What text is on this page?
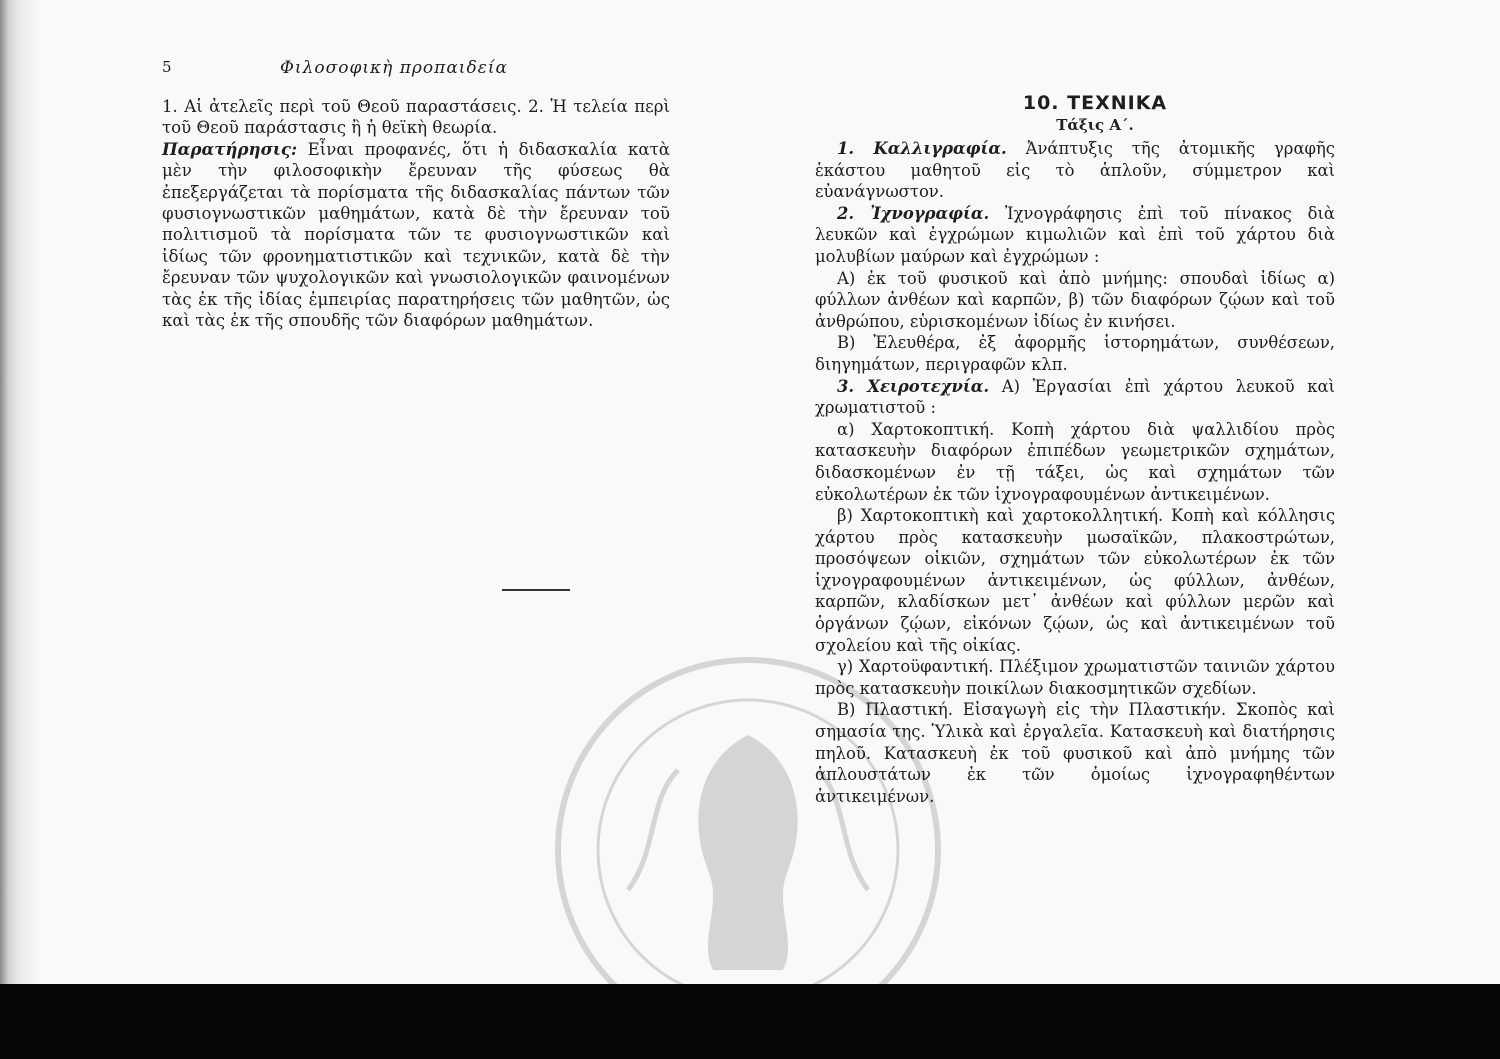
5	Φιλοσοφικὴ προπαιδεία

1. Αἱ ἀτελεῖς περὶ τοῦ Θεοῦ παραστάσεις. 2. Ἡ τελεία περὶ τοῦ Θεοῦ παράστασις ἢ ἡ θεϊκὴ θεωρία.

Παρατήρησις: Εἶναι προφανές, ὅτι ἡ διδασκαλία κατὰ μὲν τὴν φιλοσοφικὴν ἔρευναν τῆς φύσεως θὰ ἐπεξεργάζεται τὰ πορίσματα τῆς διδασκαλίας πάντων τῶν φυσιογνωστικῶν μαθημάτων, κατὰ δὲ τὴν ἔρευναν τοῦ πολιτισμοῦ τὰ πορίσματα τῶν τε φυσιογνωστικῶν καὶ ἰδίως τῶν φρονηματιστικῶν καὶ τεχνικῶν, κατὰ δὲ τὴν ἔρευναν τῶν ψυχολογικῶν καὶ γνωσιολογικῶν φαινομένων τὰς ἐκ τῆς ἰδίας ἐμπειρίας παρατηρήσεις τῶν μαθητῶν, ὡς καὶ τὰς ἐκ τῆς σπουδῆς τῶν διαφόρων μαθημάτων.

10. ΤΕΧΝΙΚΑ
Τάξις Α΄.

1. Καλλιγραφία. Ἀνάπτυξις τῆς ἀτομικῆς γραφῆς ἑκάστου μαθητοῦ εἰς τὸ ἁπλοῦν, σύμμετρον καὶ εὐανάγνωστον.

2. Ἰχνογραφία. Ἰχνογράφησις ἐπὶ τοῦ πίνακος διὰ λευκῶν καὶ ἐγχρώμων κιμωλιῶν καὶ ἐπὶ τοῦ χάρτου διὰ μολυβίων μαύρων καὶ ἐγχρώμων :

Α) ἐκ τοῦ φυσικοῦ καὶ ἀπὸ μνήμης: σπουδαὶ ἰδίως α) φύλλων ἀνθέων καὶ καρπῶν, β) τῶν διαφόρων ζῴων καὶ τοῦ ἀνθρώπου, εὑρισκομένων ἰδίως ἐν κινήσει.

Β) Ἐλευθέρα, ἐξ ἀφορμῆς ἱστορημάτων, συνθέσεων, διηγημάτων, περιγραφῶν κλπ.

3. Χειροτεχνία. Α) Ἐργασίαι ἐπὶ χάρτου λευκοῦ καὶ χρωματιστοῦ :

α) Χαρτοκοπτική. Κοπὴ χάρτου διὰ ψαλλιδίου πρὸς κατασκευὴν διαφόρων ἐπιπέδων γεωμετρικῶν σχημάτων, διδασκομένων ἐν τῇ τάξει, ὡς καὶ σχημάτων τῶν εὐκολωτέρων ἐκ τῶν ἰχνογραφουμένων ἀντικειμένων.

β) Χαρτοκοπτικὴ καὶ χαρτοκολλητική. Κοπὴ καὶ κόλλησις χάρτου πρὸς κατασκευὴν μωσαϊκῶν, πλακοστρώτων, προσόψεων οἰκιῶν, σχημάτων τῶν εὐκολωτέρων ἐκ τῶν ἰχνογραφουμένων ἀντικειμένων, ὡς φύλλων, ἀνθέων, καρπῶν, κλαδίσκων μετ᾽ ἀνθέων καὶ φύλλων μερῶν καὶ ὀργάνων ζῴων, εἰκόνων ζῴων, ὡς καὶ ἀντικειμένων τοῦ σχολείου καὶ τῆς οἰκίας.

γ) Χαρτοϋφαντική. Πλέξιμον χρωματιστῶν ταινιῶν χάρτου πρὸς κατασκευὴν ποικίλων διακοσμητικῶν σχεδίων.

Β) Πλαστική. Εἰσαγωγὴ εἰς τὴν Πλαστικήν. Σκοπὸς καὶ σημασία της. Ὑλικὰ καὶ ἐργαλεῖα. Κατασκευὴ καὶ διατήρησις πηλοῦ. Κατασκευὴ ἐκ τοῦ φυσικοῦ καὶ ἀπὸ μνήμης τῶν ἁπλουστάτων ἐκ τῶν ὁμοίως ἰχνογραφηθέντων ἀντικειμένων.
